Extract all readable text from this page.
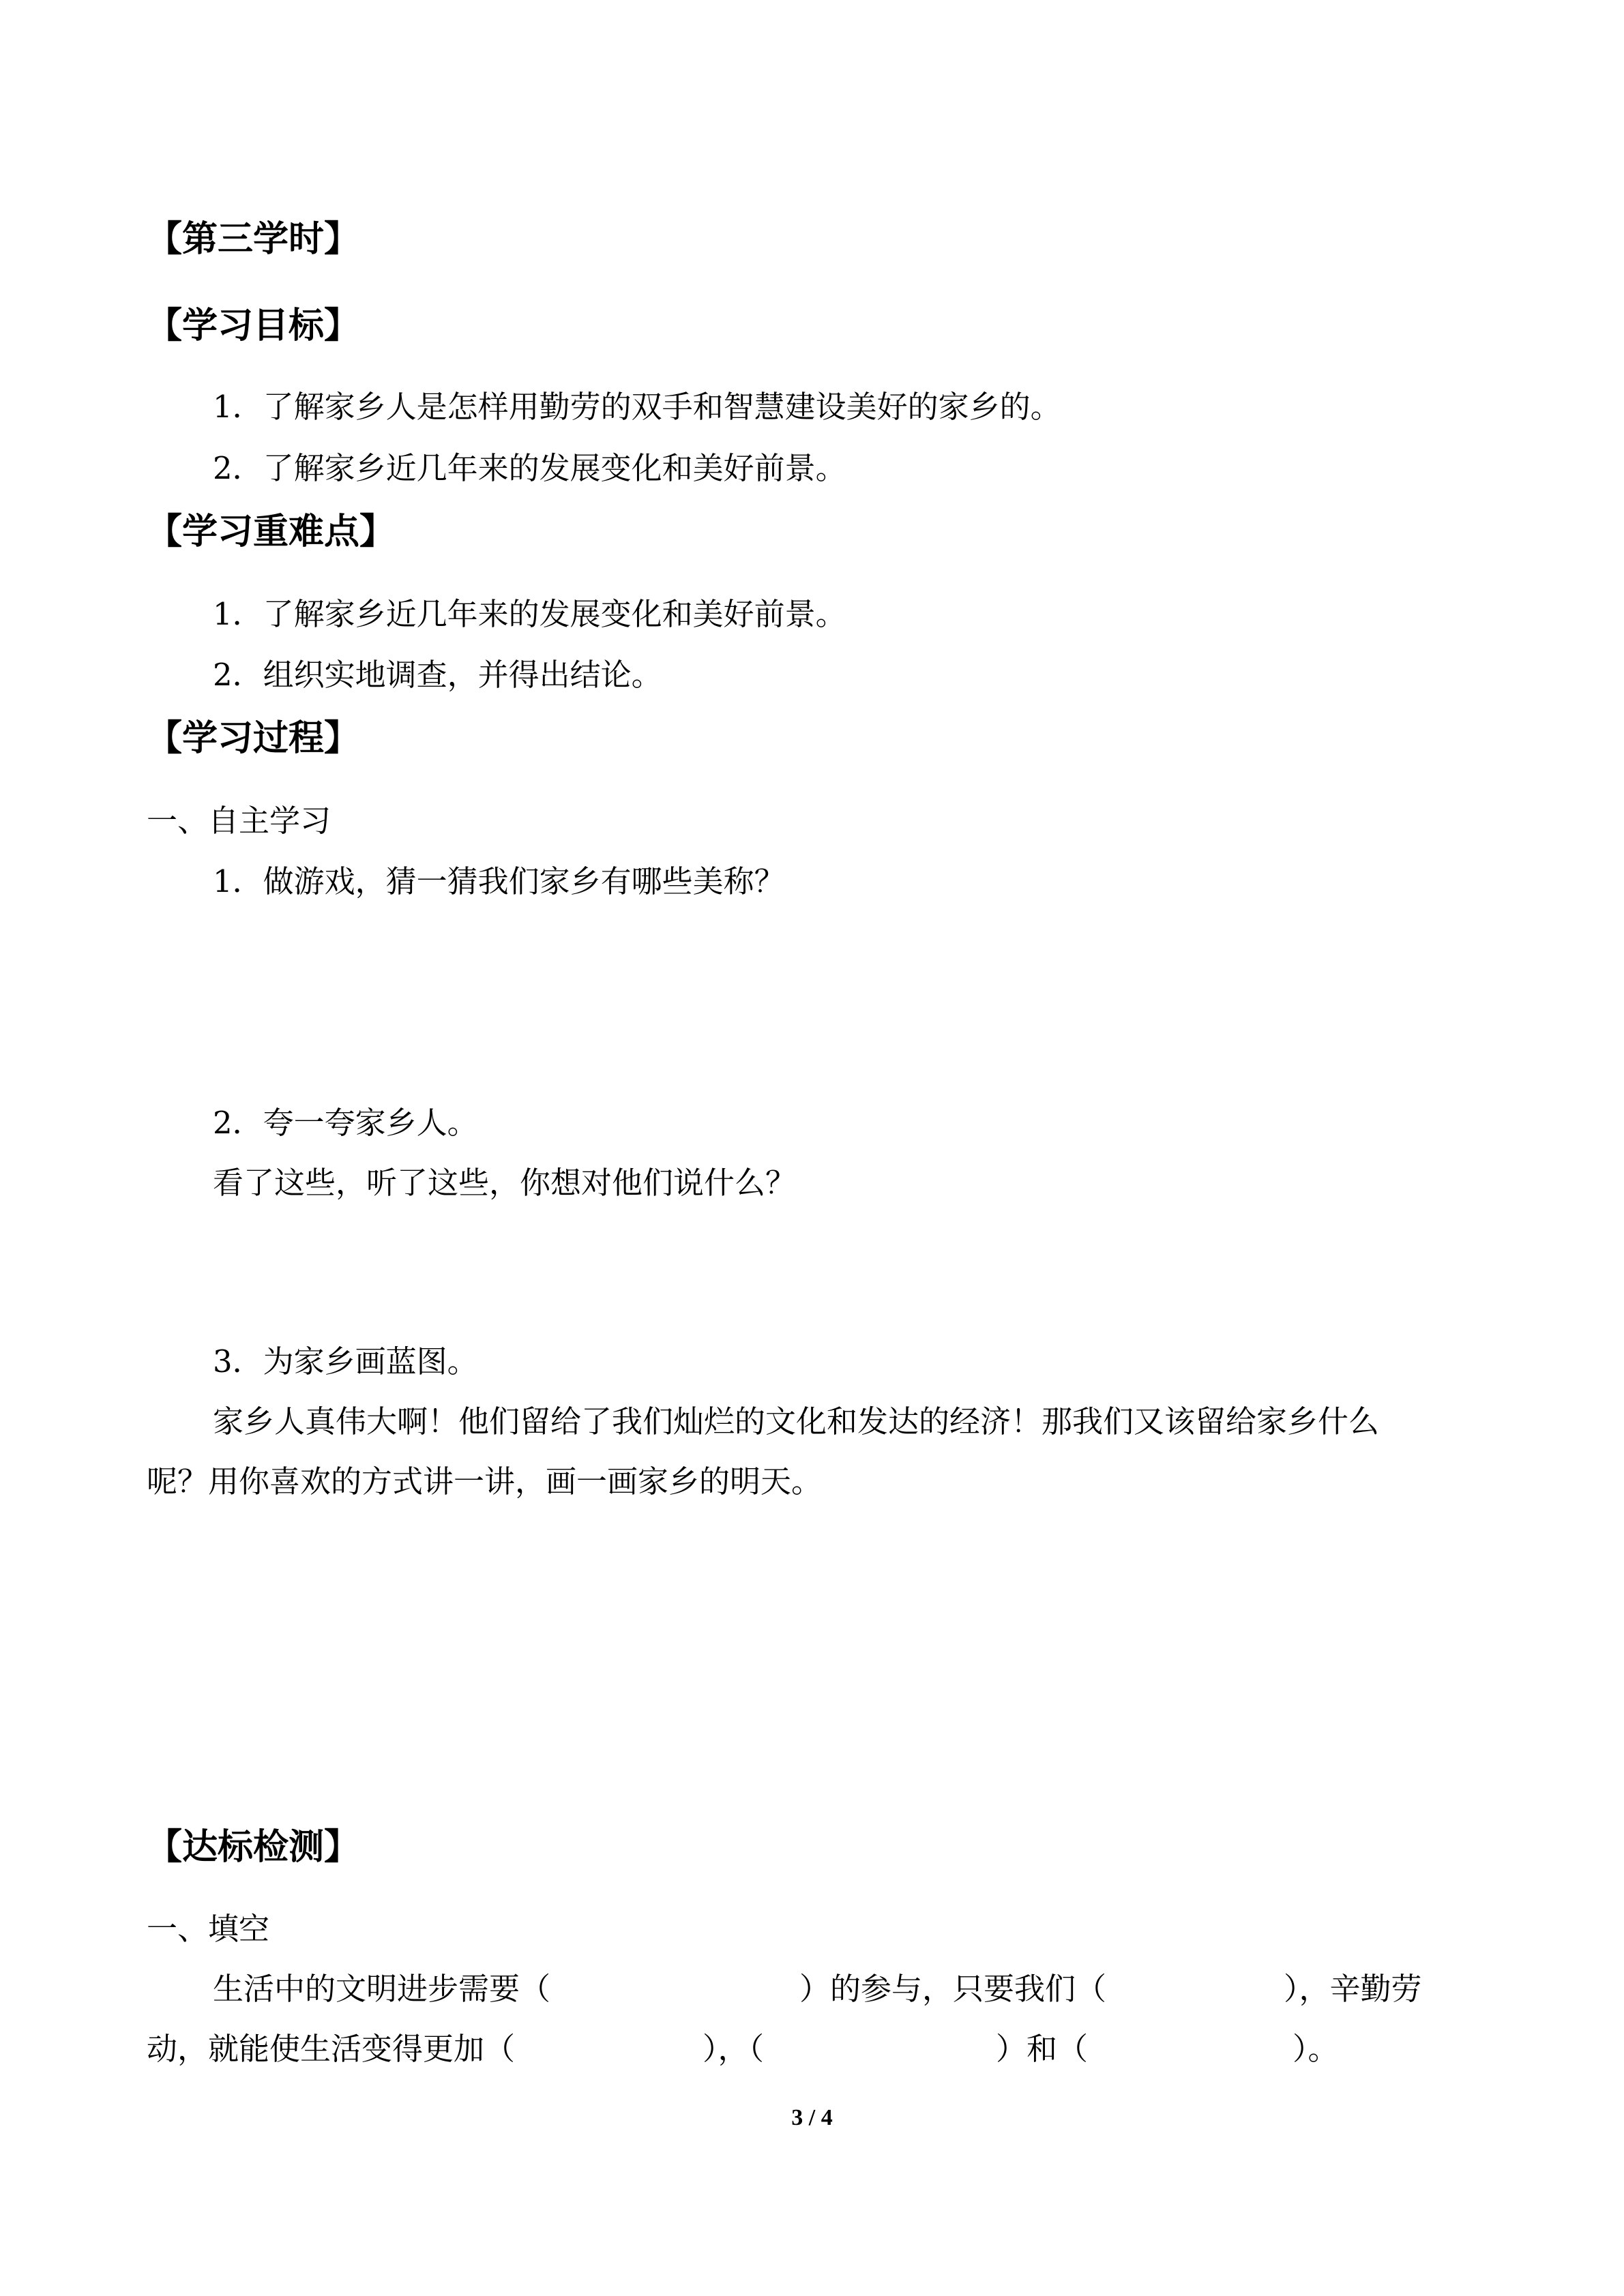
【第三学时】
【学习目标】
1．了解家乡人是怎样用勤劳的双手和智慧建设美好的家乡的。
2．了解家乡近几年来的发展变化和美好前景。
【学习重难点】
1．了解家乡近几年来的发展变化和美好前景。
2．组织实地调查，并得出结论。
【学习过程】
一、自主学习
1．做游戏，猜一猜我们家乡有哪些美称？
2．夸一夸家乡人。
看了这些，听了这些，你想对他们说什么？
3．为家乡画蓝图。
家乡人真伟大啊！他们留给了我们灿烂的文化和发达的经济！那我们又该留给家乡什么
呢？用你喜欢的方式讲一讲，画一画家乡的明天。
【达标检测】
一、填空
生活中的文明进步需要（	）的参与，只要我们（	），辛勤劳
动，就能使生活变得更加（	），（	）和（	）。
3 / 4
